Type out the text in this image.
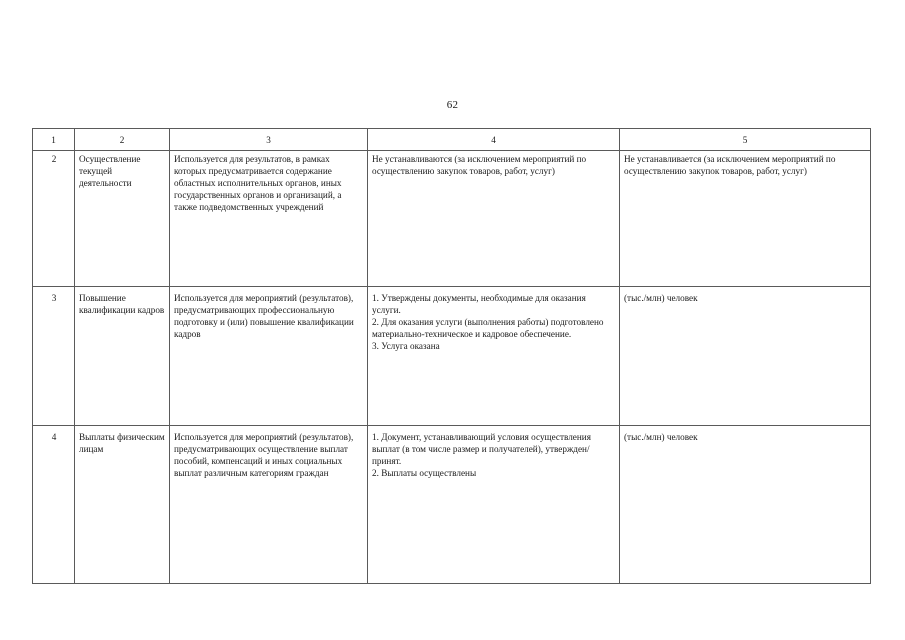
62
1	2	3	4	5
2	Осуществление текущей деятельности	Используется для результатов, в рамках которых предусматривается содержание областных исполнительных органов, иных государственных органов и организаций, а также подведомственных учреждений	Не устанавливаются (за исключением мероприятий по осуществлению закупок товаров, работ, услуг)	Не устанавливается (за исключением мероприятий по осуществлению закупок товаров, работ, услуг)
3	Повышение квалификации кадров	Используется для мероприятий (результатов), предусматривающих профессиональную подготовку и (или) повышение квалификации кадров	1. Утверждены документы, необходимые для оказания услуги.
2. Для оказания услуги (выполнения работы) подготовлено материально-техническое и кадровое обеспечение.
3. Услуга оказана	(тыс./млн) человек
4	Выплаты физическим лицам	Используется для мероприятий (результатов), предусматривающих осуществление выплат пособий, компенсаций и иных социальных выплат различным категориям граждан	1. Документ, устанавливающий условия осуществления выплат (в том числе размер и получателей), утвержден/принят.
2. Выплаты осуществлены	(тыс./млн) человек
